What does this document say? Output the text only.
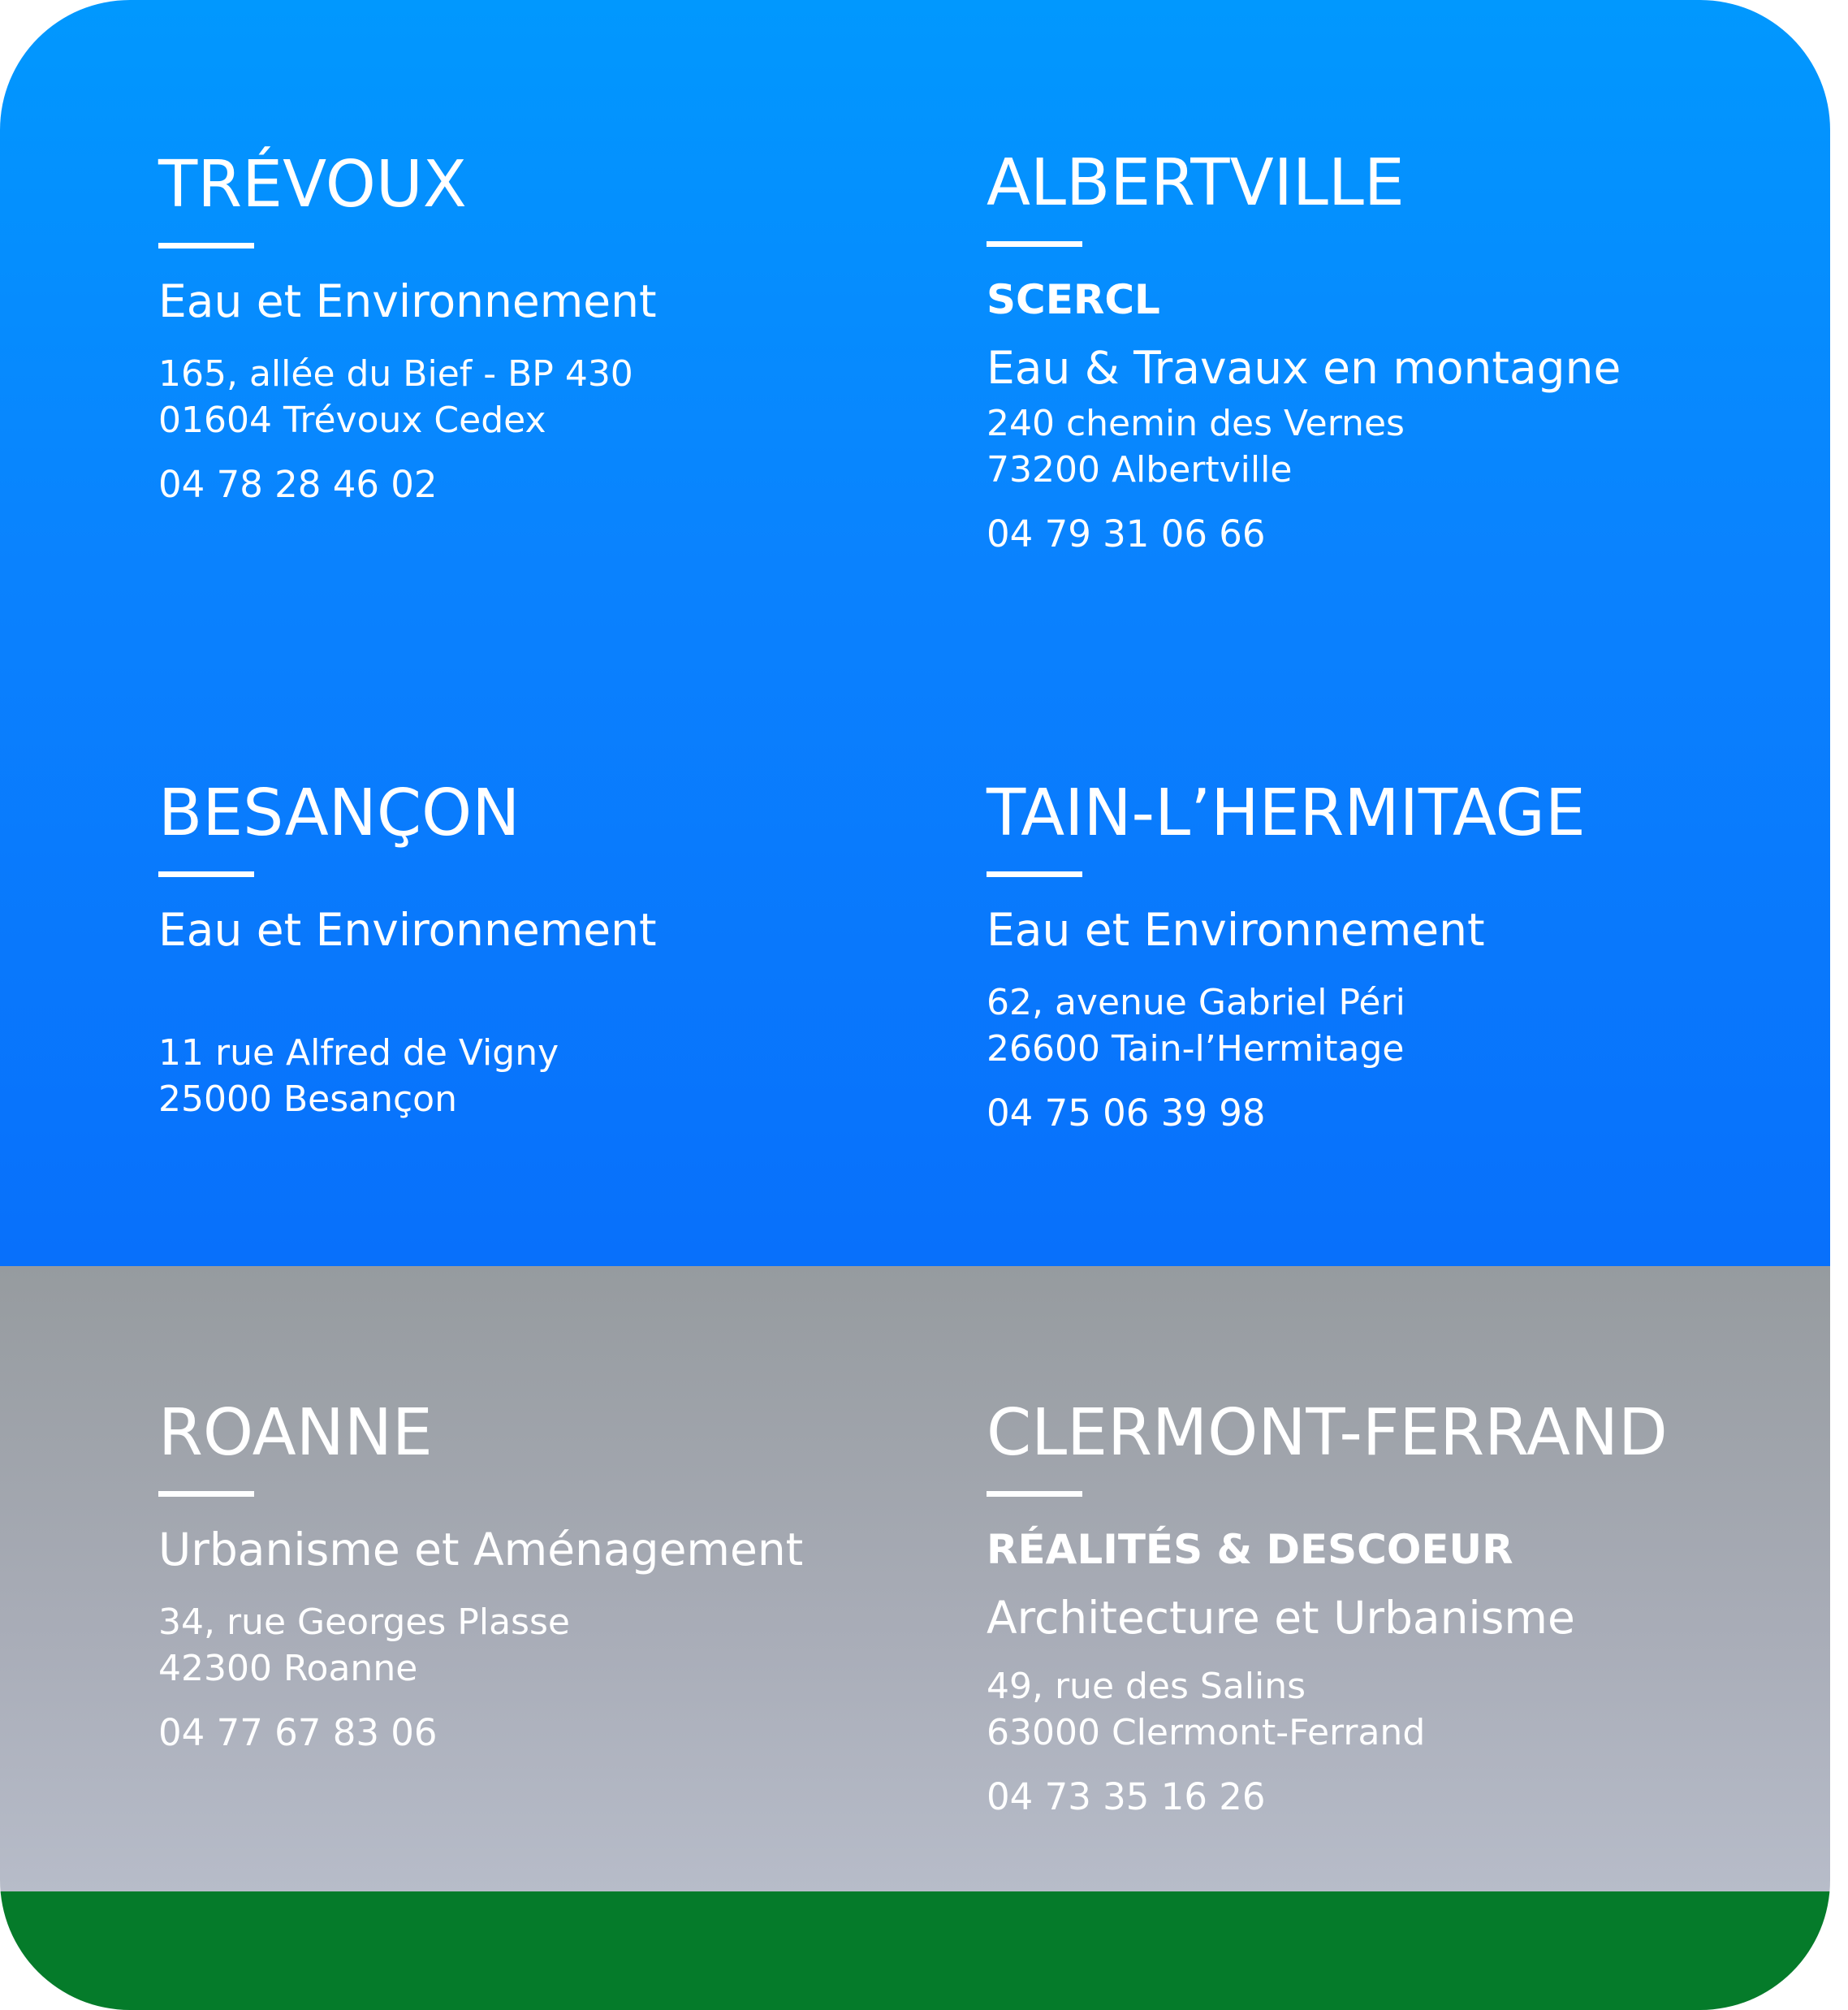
TRÉVOUX
Eau et Environnement
165, allée du Bief - BP 430
01604 Trévoux Cedex
04 78 28 46 02
ALBERTVILLE
SCERCL
Eau & Travaux en montagne
240 chemin des Vernes
73200 Albertville
04 79 31 06 66
BESANÇON
Eau et Environnement
11 rue Alfred de Vigny
25000 Besançon
TAIN-L’HERMITAGE
Eau et Environnement
62, avenue Gabriel Péri
26600 Tain-l’Hermitage
04 75 06 39 98
ROANNE
Urbanisme et Aménagement
34, rue Georges Plasse
42300 Roanne
04 77 67 83 06
CLERMONT-FERRAND
RÉALITÉS & DESCOEUR
Architecture et Urbanisme
49, rue des Salins
63000 Clermont-Ferrand
04 73 35 16 26
